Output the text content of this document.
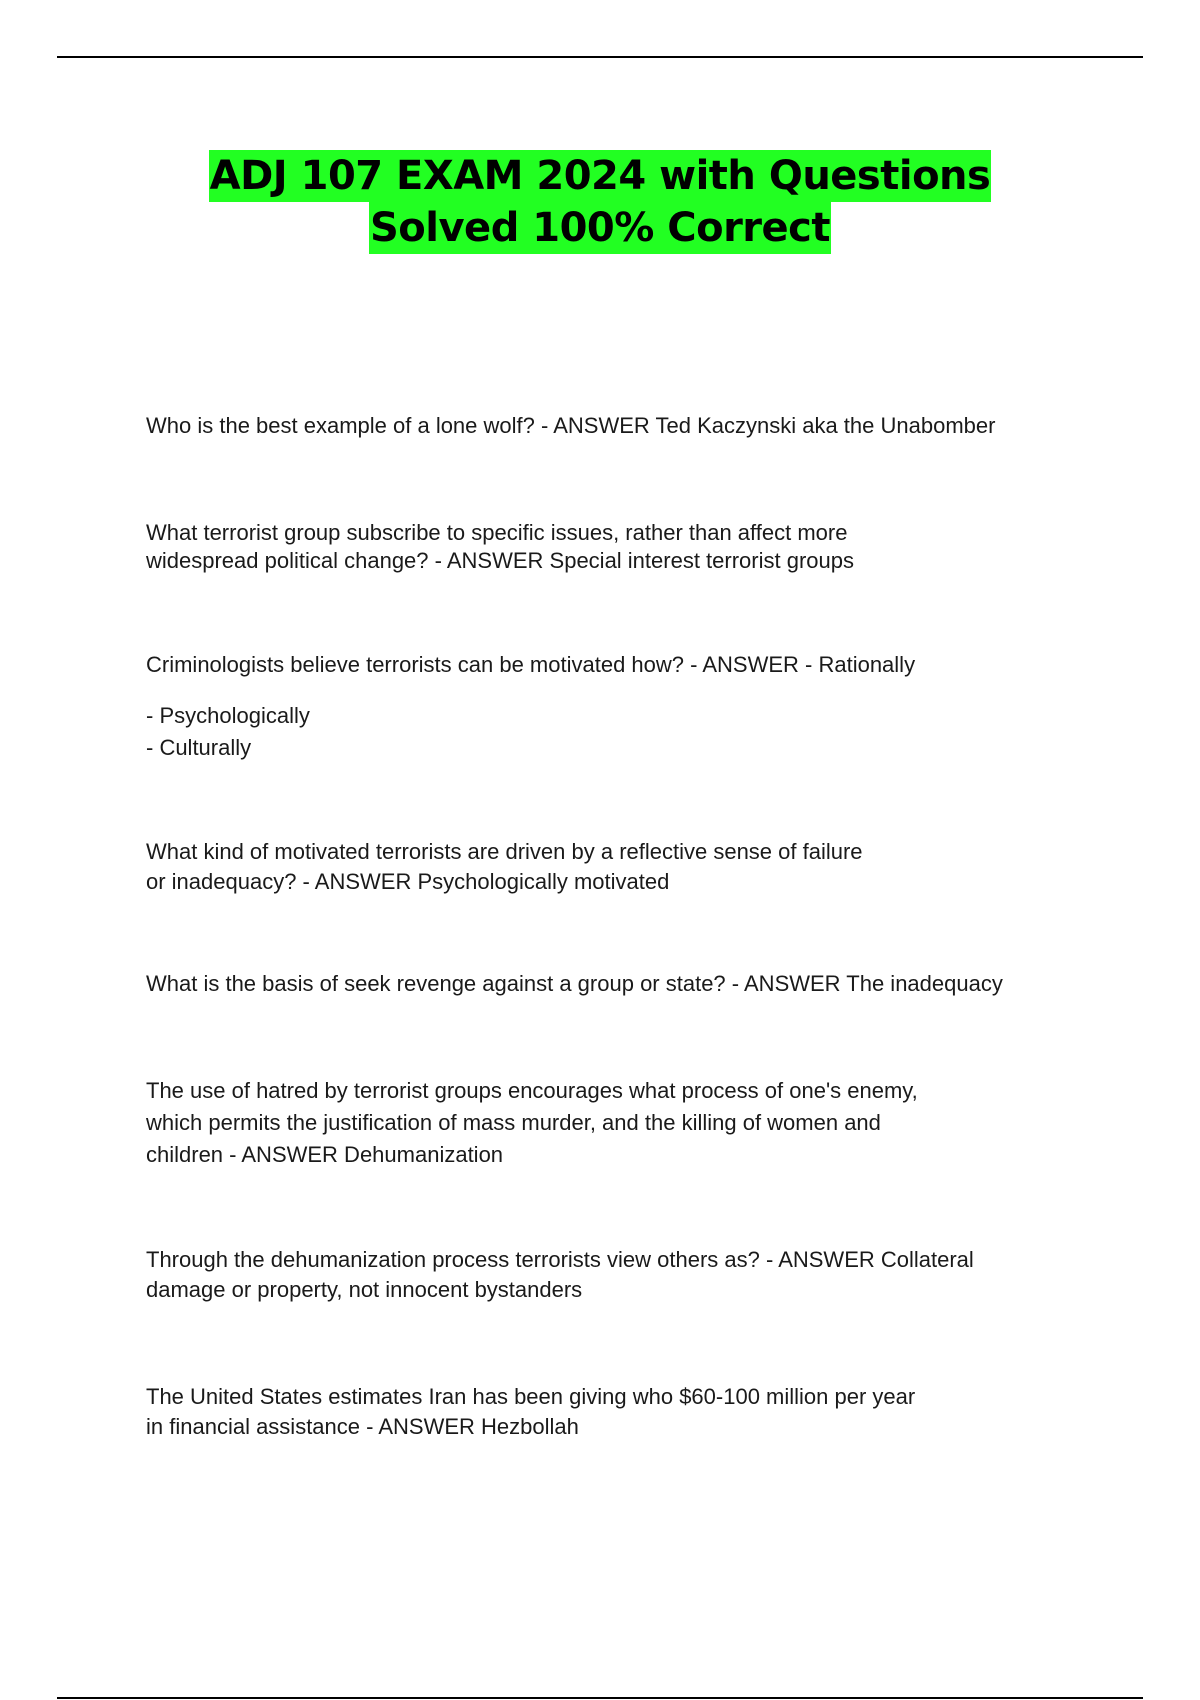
ADJ 107 EXAM 2024 with Questions
Solved 100% Correct

Who is the best example of a lone wolf? - ANSWER Ted Kaczynski aka the Unabomber

What terrorist group subscribe to specific issues, rather than affect more

widespread political change? - ANSWER Special interest terrorist groups

Criminologists believe terrorists can be motivated how? - ANSWER - Rationally

- Psychologically

- Culturally

What kind of motivated terrorists are driven by a reflective sense of failure

or inadequacy? - ANSWER Psychologically motivated

What is the basis of seek revenge against a group or state? - ANSWER The inadequacy

The use of hatred by terrorist groups encourages what process of one's enemy,

which permits the justification of mass murder, and the killing of women and

children - ANSWER Dehumanization

Through the dehumanization process terrorists view others as? - ANSWER Collateral

damage or property, not innocent bystanders

The United States estimates Iran has been giving who $60-100 million per year

in financial assistance - ANSWER Hezbollah
